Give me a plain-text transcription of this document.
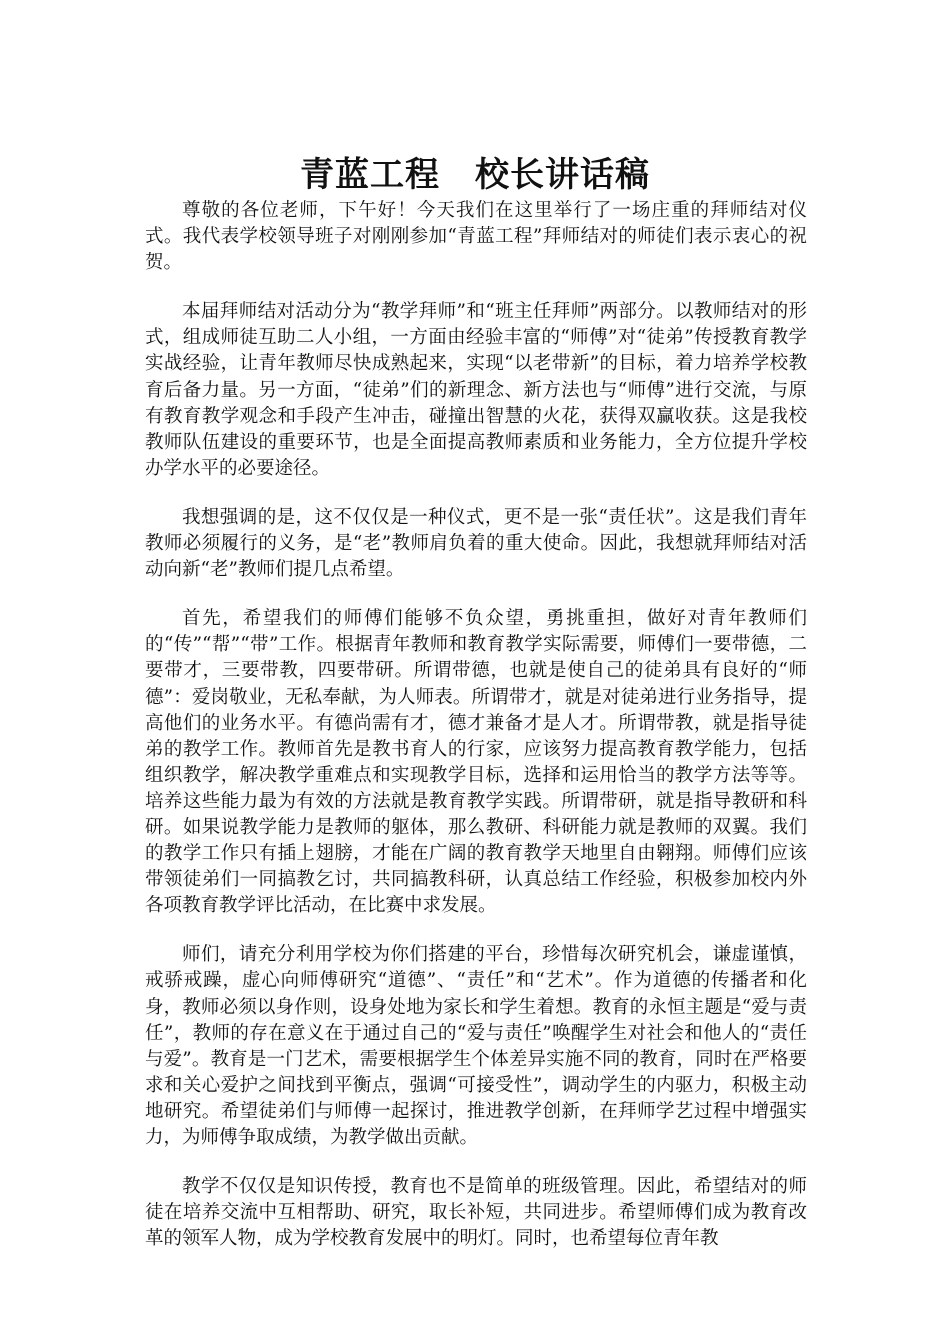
青蓝工程　校长讲话稿

尊敬的各位老师，下午好！今天我们在这里举行了一场庄重的拜师结对仪式。我代表学校领导班子对刚刚参加“青蓝工程”拜师结对的师徒们表示衷心的祝贺。

本届拜师结对活动分为“教学拜师”和“班主任拜师”两部分。以教师结对的形式，组成师徒互助二人小组，一方面由经验丰富的“师傅”对“徒弟”传授教育教学实战经验，让青年教师尽快成熟起来，实现“以老带新”的目标，着力培养学校教育后备力量。另一方面，“徒弟”们的新理念、新方法也与“师傅”进行交流，与原有教育教学观念和手段产生冲击，碰撞出智慧的火花，获得双赢收获。这是我校教师队伍建设的重要环节，也是全面提高教师素质和业务能力，全方位提升学校办学水平的必要途径。

我想强调的是，这不仅仅是一种仪式，更不是一张“责任状”。这是我们青年教师必须履行的义务，是“老”教师肩负着的重大使命。因此，我想就拜师结对活动向新“老”教师们提几点希望。

首先，希望我们的师傅们能够不负众望，勇挑重担，做好对青年教师们的“传”“帮”“带”工作。根据青年教师和教育教学实际需要，师傅们一要带德，二要带才，三要带教，四要带研。所谓带德，也就是使自己的徒弟具有良好的“师德”：爱岗敬业，无私奉献，为人师表。所谓带才，就是对徒弟进行业务指导，提高他们的业务水平。有德尚需有才，德才兼备才是人才。所谓带教，就是指导徒弟的教学工作。教师首先是教书育人的行家，应该努力提高教育教学能力，包括组织教学，解决教学重难点和实现教学目标，选择和运用恰当的教学方法等等。培养这些能力最为有效的方法就是教育教学实践。所谓带研，就是指导教研和科研。如果说教学能力是教师的躯体，那么教研、科研能力就是教师的双翼。我们的教学工作只有插上翅膀，才能在广阔的教育教学天地里自由翱翔。师傅们应该带领徒弟们一同搞教乞讨，共同搞教科研，认真总结工作经验，积极参加校内外各项教育教学评比活动，在比赛中求发展。

师们，请充分利用学校为你们搭建的平台，珍惜每次研究机会，谦虚谨慎，戒骄戒躁，虚心向师傅研究“道德”、“责任”和“艺术”。作为道德的传播者和化身，教师必须以身作则，设身处地为家长和学生着想。教育的永恒主题是“爱与责任”，教师的存在意义在于通过自己的“爱与责任”唤醒学生对社会和他人的“责任与爱”。教育是一门艺术，需要根据学生个体差异实施不同的教育，同时在严格要求和关心爱护之间找到平衡点，强调“可接受性”，调动学生的内驱力，积极主动地研究。希望徒弟们与师傅一起探讨，推进教学创新，在拜师学艺过程中增强实力，为师傅争取成绩，为教学做出贡献。

教学不仅仅是知识传授，教育也不是简单的班级管理。因此，希望结对的师徒在培养交流中互相帮助、研究，取长补短，共同进步。希望师傅们成为教育改革的领军人物，成为学校教育发展中的明灯。同时，也希望每位青年教
